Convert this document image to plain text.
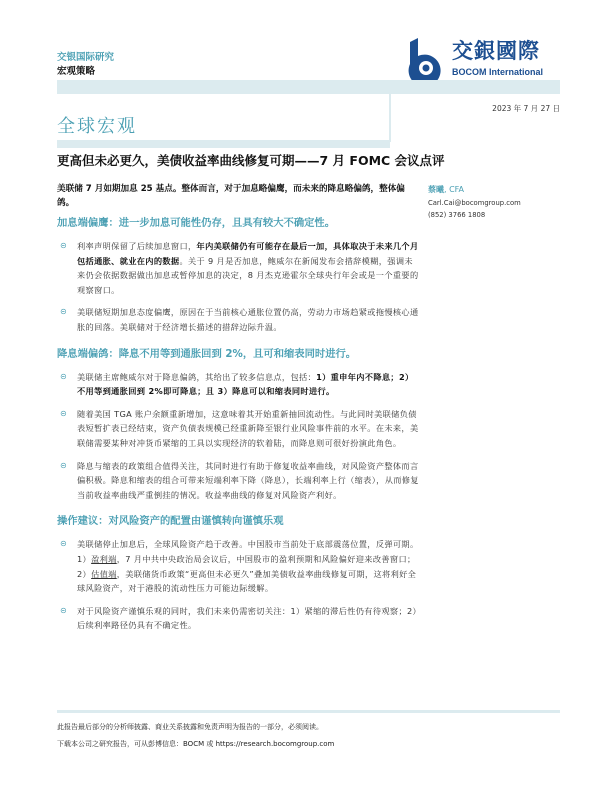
交银国际研究
宏观策略
交銀國際
BOCOM International
2023 年 7 月 27 日
全球宏观
更高但未必更久，美债收益率曲线修复可期——7 月 FOMC 会议点评
美联储 7 月如期加息 25 基点。整体而言，对于加息略偏鹰，而未来的降息略偏鸽，整体偏鸽。

蔡曦, CFA

Carl.Cai@bocomgroup.com
(852) 3766 1808
加息端偏鹰：进一步加息可能性仍存，且具有较大不确定性。
⊝	利率声明保留了后续加息窗口，年内美联储仍有可能存在最后一加，具体取决于未来几个月包括通胀、就业在内的数据。关于 9 月是否加息，鲍威尔在新闻发布会措辞模糊，强调未来仍会依据数据做出加息或暂停加息的决定，8 月杰克逊霍尔全球央行年会或是一个重要的观察窗口。
⊝	美联储短期加息态度偏鹰，原因在于当前核心通胀位置仍高，劳动力市场趋紧或拖慢核心通胀的回落。美联储对于经济增长描述的措辞边际升温。
降息端偏鸽：降息不用等到通胀回到 2%，且可和缩表同时进行。
⊝	美联储主席鲍威尔对于降息偏鸽，其给出了较多信息点，包括：1）重申年内不降息；2）不用等到通胀回到 2%即可降息；且 3）降息可以和缩表同时进行。
⊝	随着美国 TGA 账户余额重新增加，这意味着其开始重新抽回流动性。与此同时美联储负债表短暂扩表已经结束，资产负债表规模已经重新降至银行业风险事件前的水平。在未来，美联储需要某种对冲货币紧缩的工具以实现经济的软着陆，而降息则可很好扮演此角色。
⊝	降息与缩表的政策组合值得关注，其同时进行有助于修复收益率曲线，对风险资产整体而言偏积极。降息和缩表的组合可带来短端利率下降（降息），长端利率上行（缩表），从而修复当前收益率曲线严重倒挂的情况。收益率曲线的修复对风险资产利好。
操作建议：对风险资产的配置由谨慎转向谨慎乐观
⊝	美联储停止加息后，全球风险资产趋于改善。中国股市当前处于底部震荡位置，反弹可期。1）盈利端，7 月中共中央政治局会议后，中国股市的盈利预期和风险偏好迎来改善窗口；2）估值端，美联储货币政策“更高但未必更久”叠加美债收益率曲线修复可期，这将利好全球风险资产，对于港股的流动性压力可能边际缓解。
⊝	对于风险资产谨慎乐观的同时，我们未来仍需密切关注：1）紧缩的滞后性仍有待观察；2）后续利率路径仍具有不确定性。
此报告最后部分的分析师披露、商业关系披露和免责声明为报告的一部分，必须阅读。
下载本公司之研究报告，可从彭博信息：BOCM 或 https://research.bocomgroup.com
